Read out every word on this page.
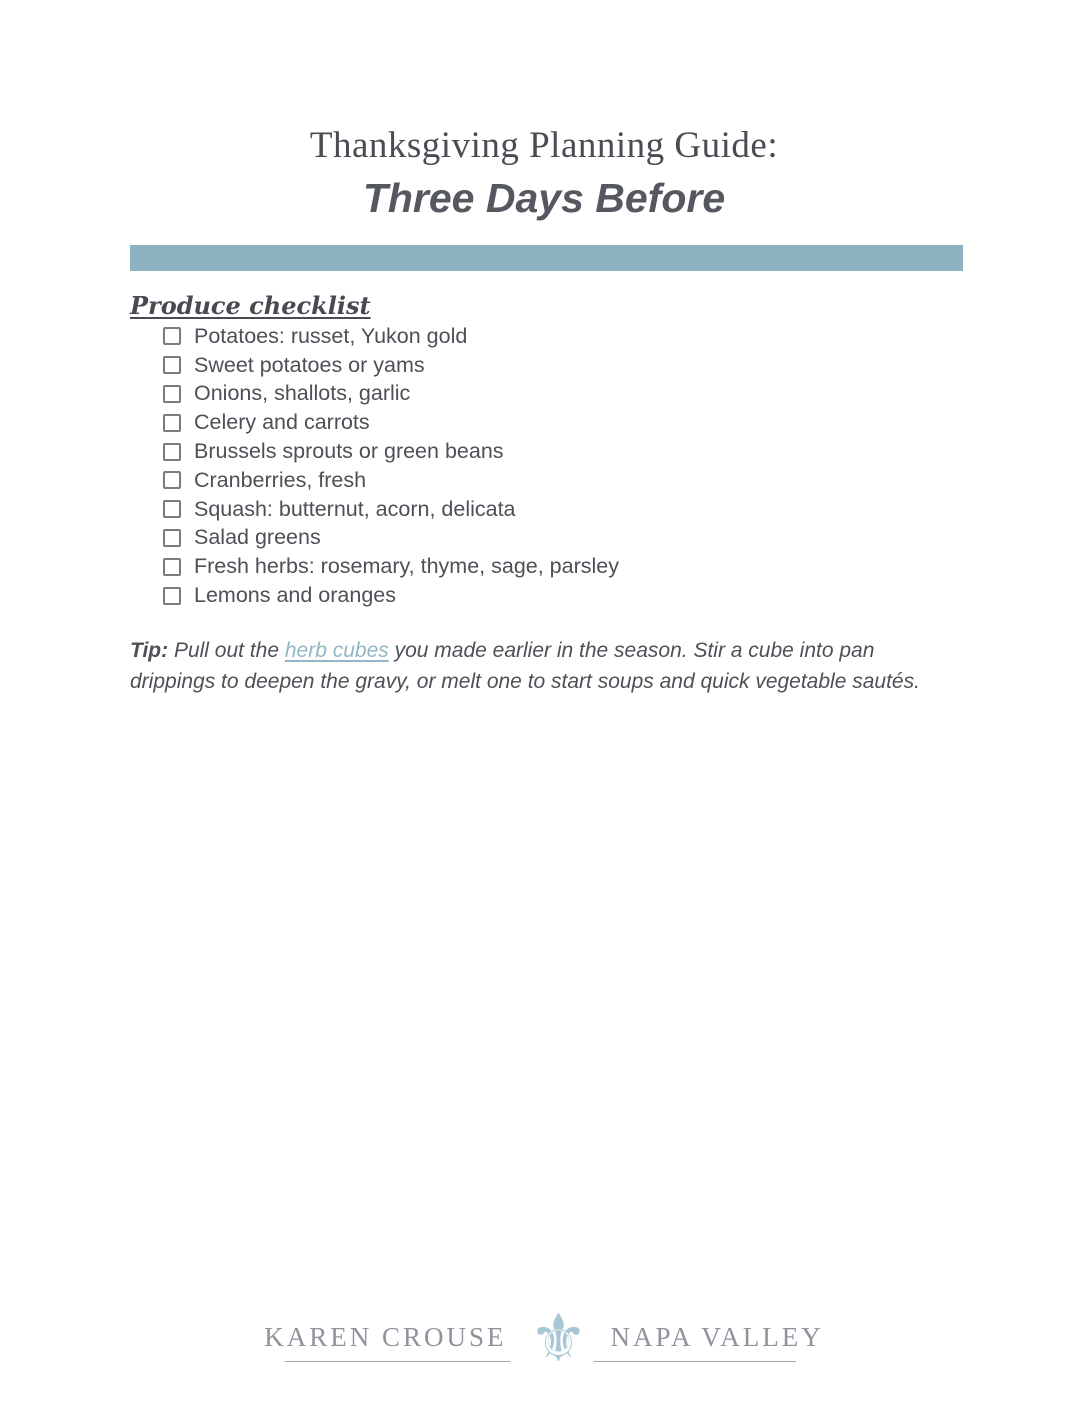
Thanksgiving Planning Guide:
Three Days Before
Produce checklist
Potatoes: russet, Yukon gold
Sweet potatoes or yams
Onions, shallots, garlic
Celery and carrots
Brussels sprouts or green beans
Cranberries, fresh
Squash: butternut, acorn, delicata
Salad greens
Fresh herbs: rosemary, thyme, sage, parsley
Lemons and oranges

Tip: Pull out the herb cubes you made earlier in the season. Stir a cube into pan drippings to deepen the gravy, or melt one to start soups and quick vegetable sautés.

KAREN CROUSE ⚜ NAPA VALLEY
